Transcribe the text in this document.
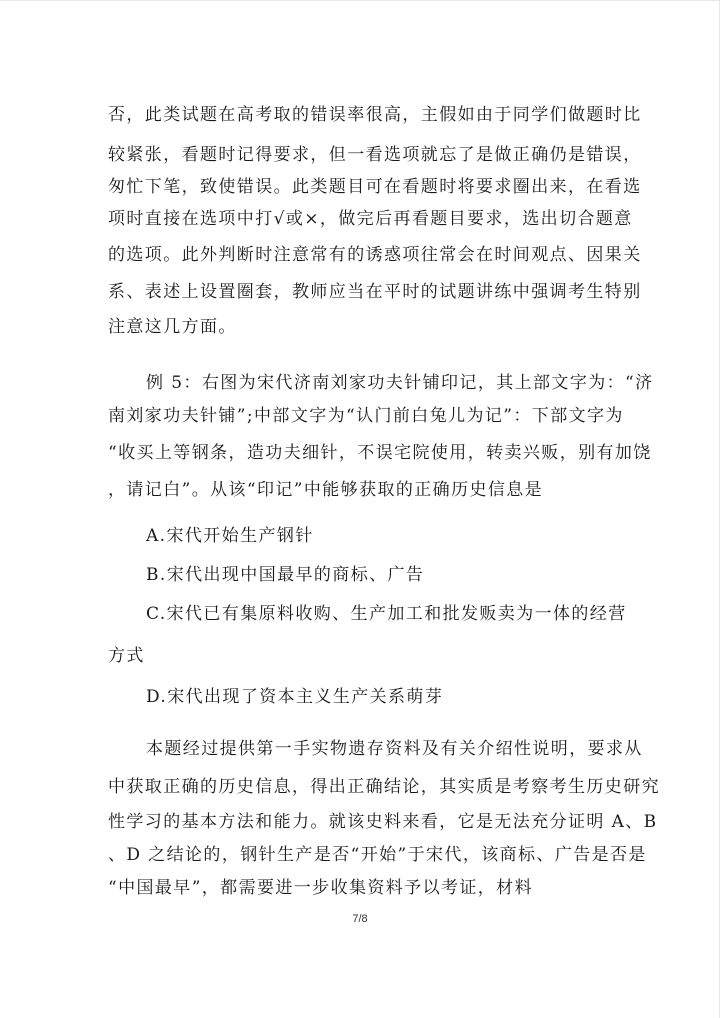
否，此类试题在高考取的错误率很高，主假如由于同学们做题时比
较紧张，看题时记得要求，但一看选项就忘了是做正确仍是错误，
匆忙下笔，致使错误。此类题目可在看题时将要求圈出来，在看选
项时直接在选项中打√或×，做完后再看题目要求，选出切合题意
的选项。此外判断时注意常有的诱惑项往常会在时间观点、因果关
系、表述上设置圈套，教师应当在平时的试题讲练中强调考生特别
注意这几方面。
例 5：右图为宋代济南刘家功夫针铺印记，其上部文字为：“济
南刘家功夫针铺”;中部文字为“认门前白兔儿为记”：下部文字为
“收买上等钢条，造功夫细针，不误宅院使用，转卖兴贩，别有加饶
，请记白”。从该“印记”中能够获取的正确历史信息是
A.宋代开始生产钢针
B.宋代出现中国最早的商标、广告
C.宋代已有集原料收购、生产加工和批发贩卖为一体的经营
方式
D.宋代出现了资本主义生产关系萌芽
本题经过提供第一手实物遗存资料及有关介绍性说明，要求从
中获取正确的历史信息，得出正确结论，其实质是考察考生历史研究
性学习的基本方法和能力。就该史料来看，它是无法充分证明 A、B
、D 之结论的，钢针生产是否“开始”于宋代，该商标、广告是否是
“中国最早”，都需要进一步收集资料予以考证，材料
7/8
